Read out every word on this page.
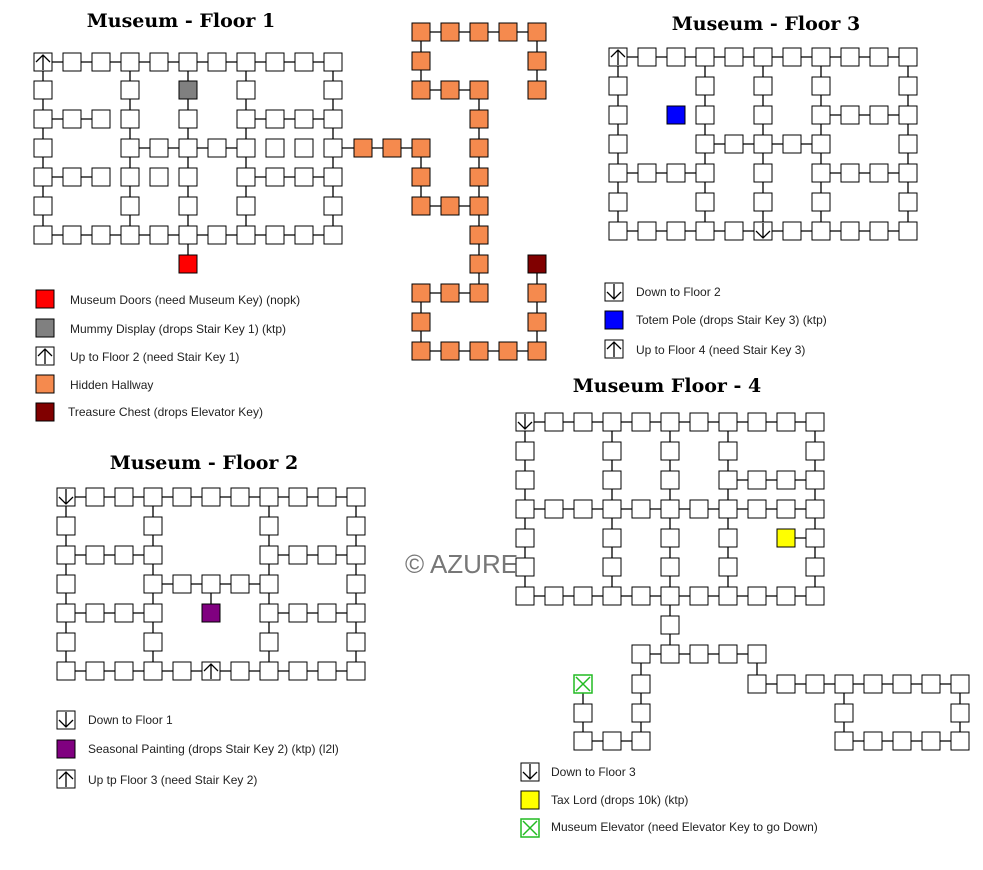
Museum - Floor 1	Museum - Floor 3
Museum - Floor 2
Museum Floor - 4
© AZURE
Museum Doors (need Museum Key) (nopk)
Mummy Display (drops Stair Key 1) (ktp)
Up to Floor 2 (need Stair Key 1)
Hidden Hallway
Treasure Chest (drops Elevator Key)
Down to Floor 2
Totem Pole (drops Stair Key 3) (ktp)
Up to Floor 4 (need Stair Key 3)
Down to Floor 1
Seasonal Painting (drops Stair Key 2) (ktp) (l2l)
Up tp Floor 3 (need Stair Key 2)
Down to Floor 3
Tax Lord (drops 10k) (ktp)
Museum Elevator (need Elevator Key to go Down)
